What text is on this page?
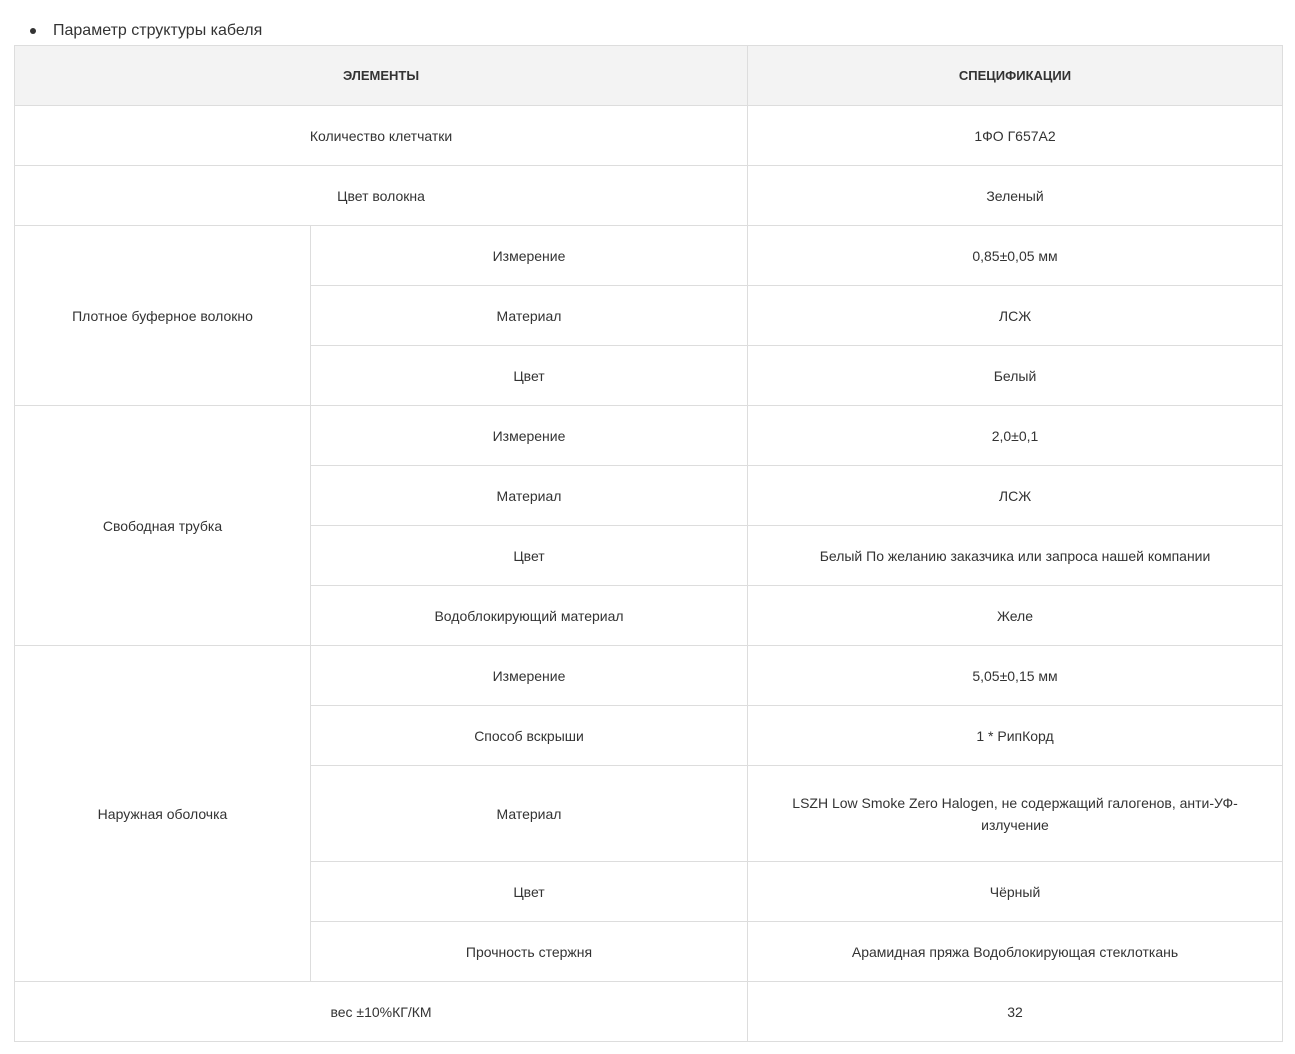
Параметр структуры кабеля
ЭЛЕМЕНТЫ		СПЕЦИФИКАЦИИ
Количество клетчатки		1ФО Г657А2
Цвет волокна		Зеленый
Плотное буферное волокно	Измерение	0,85±0,05 мм
	Материал	ЛСЖ
	Цвет	Белый
Свободная трубка	Измерение	2,0±0,1
	Материал	ЛСЖ
	Цвет	Белый По желанию заказчика или запроса нашей компании
	Водоблокирующий материал	Желе
Наружная оболочка	Измерение	5,05±0,15 мм
	Способ вскрыши	1 * РипКорд
	Материал	LSZH Low Smoke Zero Halogen, не содержащий галогенов, анти-УФ-излучение
	Цвет	Чёрный
	Прочность стержня	Арамидная пряжа Водоблокирующая стеклоткань
вес ±10%КГ/КМ		32
